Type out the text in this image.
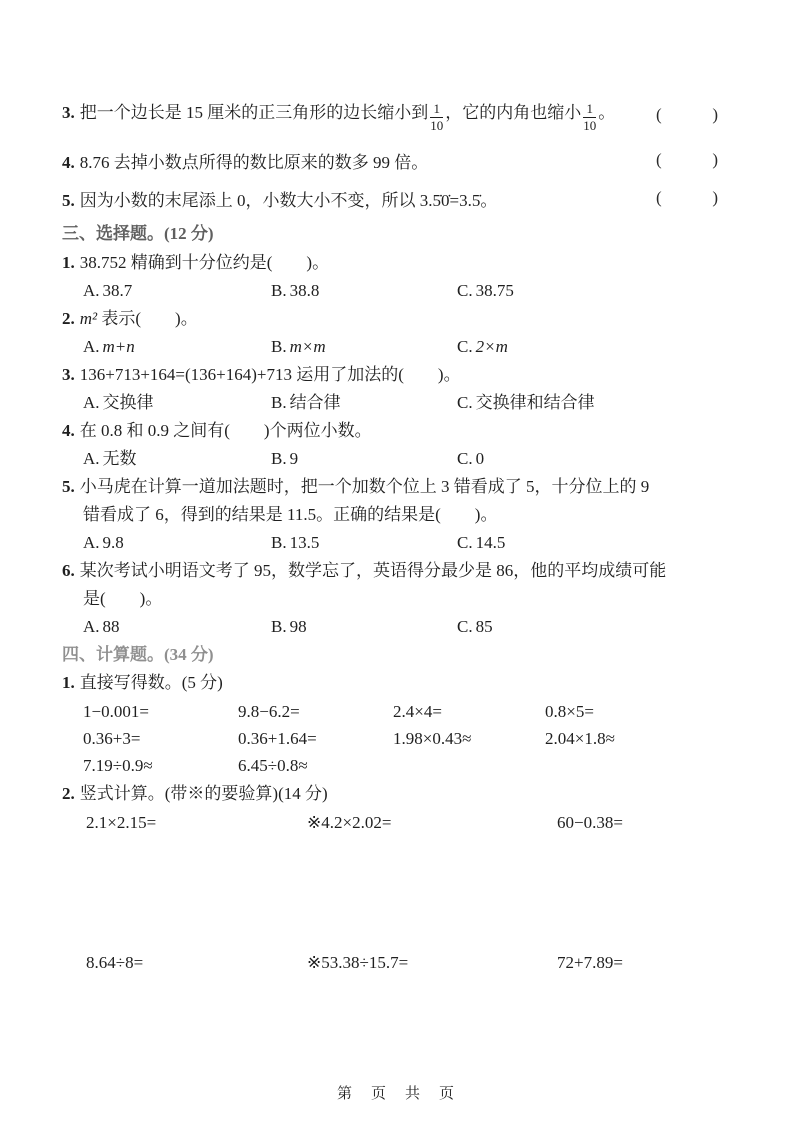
3. 把一个边长是 15 厘米的正三角形的边长缩小到 $\frac{1}{10}$ ，它的内角也缩小 $\frac{1}{10}$ 。	(	)
4. 8.76 去掉小数点所得的数比原来的数多 99 倍。	(	)
5. 因为小数的末尾添上 0，小数大小不变，所以 3.5̇0̇=3.5̇。	(	)
三、选择题。(12 分)
1. 38.752 精确到十分位约是(　　)。
A. 38.7	B. 38.8	C. 38.75
2. m² 表示(　　)。
A. m+n	B. m×m	C. 2×m
3. 136+713+164=(136+164)+713 运用了加法的(　　)。
A. 交换律	B. 结合律	C. 交换律和结合律
4. 在 0.8 和 0.9 之间有(　　)个两位小数。
A. 无数	B. 9	C. 0
5. 小马虎在计算一道加法题时，把一个加数个位上 3 错看成了 5，十分位上的 9
错看成了 6，得到的结果是 11.5。正确的结果是(　　)。
A. 9.8	B. 13.5	C. 14.5
6. 某次考试小明语文考了 95，数学忘了，英语得分最少是 86，他的平均成绩可能
是(　　)。
A. 88	B. 98	C. 85
四、计算题。(34 分)
1. 直接写得数。(5 分)
1−0.001=	9.8−6.2=	2.4×4=	0.8×5=
0.36+3=	0.36+1.64=	1.98×0.43≈	2.04×1.8≈
7.19÷0.9≈	6.45÷0.8≈
2. 竖式计算。(带※的要验算)(14 分)
2.1×2.15=	※4.2×2.02=	60−0.38=
8.64÷8=	※53.38÷15.7=	72+7.89=
第　页　共　页
